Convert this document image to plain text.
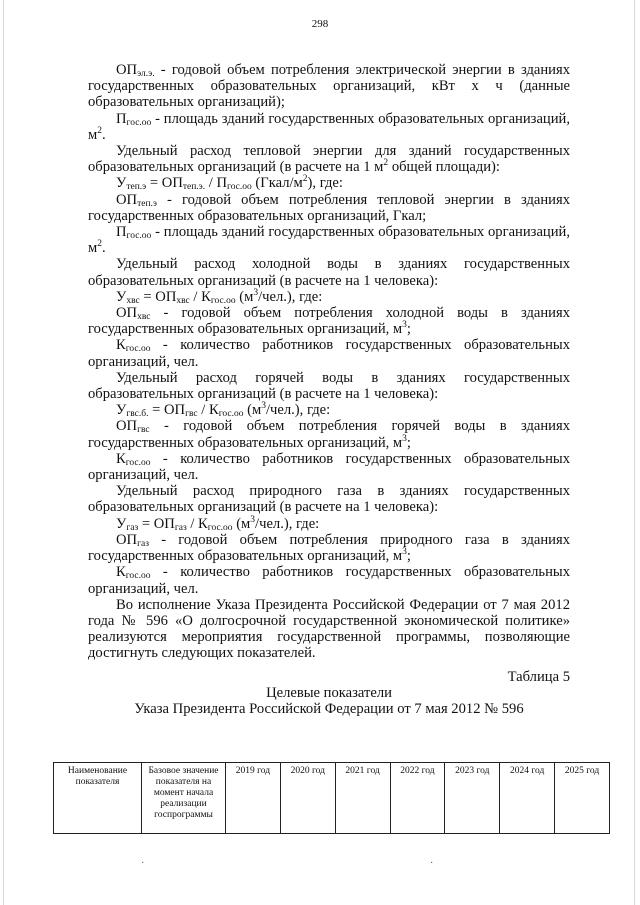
298

$ОП_{эл.э.}$ - годовой объем потребления электрической энергии в зданиях государственных образовательных организаций, кВт х ч (данные образовательных организаций);

$П_{гос.оо}$ - площадь зданий государственных образовательных организаций, $м^2$.

Удельный расход тепловой энергии для зданий государственных образовательных организаций (в расчете на 1 $м^2$ общей площади):

$У_{теп.э} = ОП_{теп.э.} / П_{гос.оо}$ $(Гкал/м^2)$, где:

$ОП_{теп.э}$ - годовой объем потребления тепловой энергии в зданиях государственных образовательных организаций, Гкал;

$П_{гос.оо}$ - площадь зданий государственных образовательных организаций, $м^2$.

Удельный расход холодной воды в зданиях государственных образовательных организаций (в расчете на 1 человека):

$У_{хвс} = ОП_{хвс} / К_{гос.оо}$ $(м^3/чел.)$, где:

$ОП_{хвс}$ - годовой объем потребления холодной воды в зданиях государственных образовательных организаций, $м^3$;

$К_{гос.оо}$ - количество работников государственных образовательных организаций, чел.

Удельный расход горячей воды в зданиях государственных образовательных организаций (в расчете на 1 человека):

$У_{гвс.б.} = ОП_{гвс} / К_{гос.оо}$ $(м^3/чел.)$, где:

$ОП_{гвс}$ - годовой объем потребления горячей воды в зданиях государственных образовательных организаций, $м^3$;

$К_{гос.оо}$ - количество работников государственных образовательных организаций, чел.

Удельный расход природного газа в зданиях государственных образовательных организаций (в расчете на 1 человека):

$У_{газ} = ОП_{газ} / К_{гос.оо}$ $(м^3/чел.)$, где:

$ОП_{газ}$ - годовой объем потребления природного газа в зданиях государственных образовательных организаций, $м^3$;

$К_{гос.оо}$ - количество работников государственных образовательных организаций, чел.

Во исполнение Указа Президента Российской Федерации от 7 мая 2012 года № 596 «О долгосрочной государственной экономической политике» реализуются мероприятия государственной программы, позволяющие достигнуть следующих показателей.

Таблица 5

Целевые показатели

Указа Президента Российской Федерации от 7 мая 2012 № 596

Наименование показателя	Базовое значение показателя на момент начала реализации госпрограммы	2019 год	2020 год	2021 год	2022 год	2023 год	2024 год	2025 год
·	·
